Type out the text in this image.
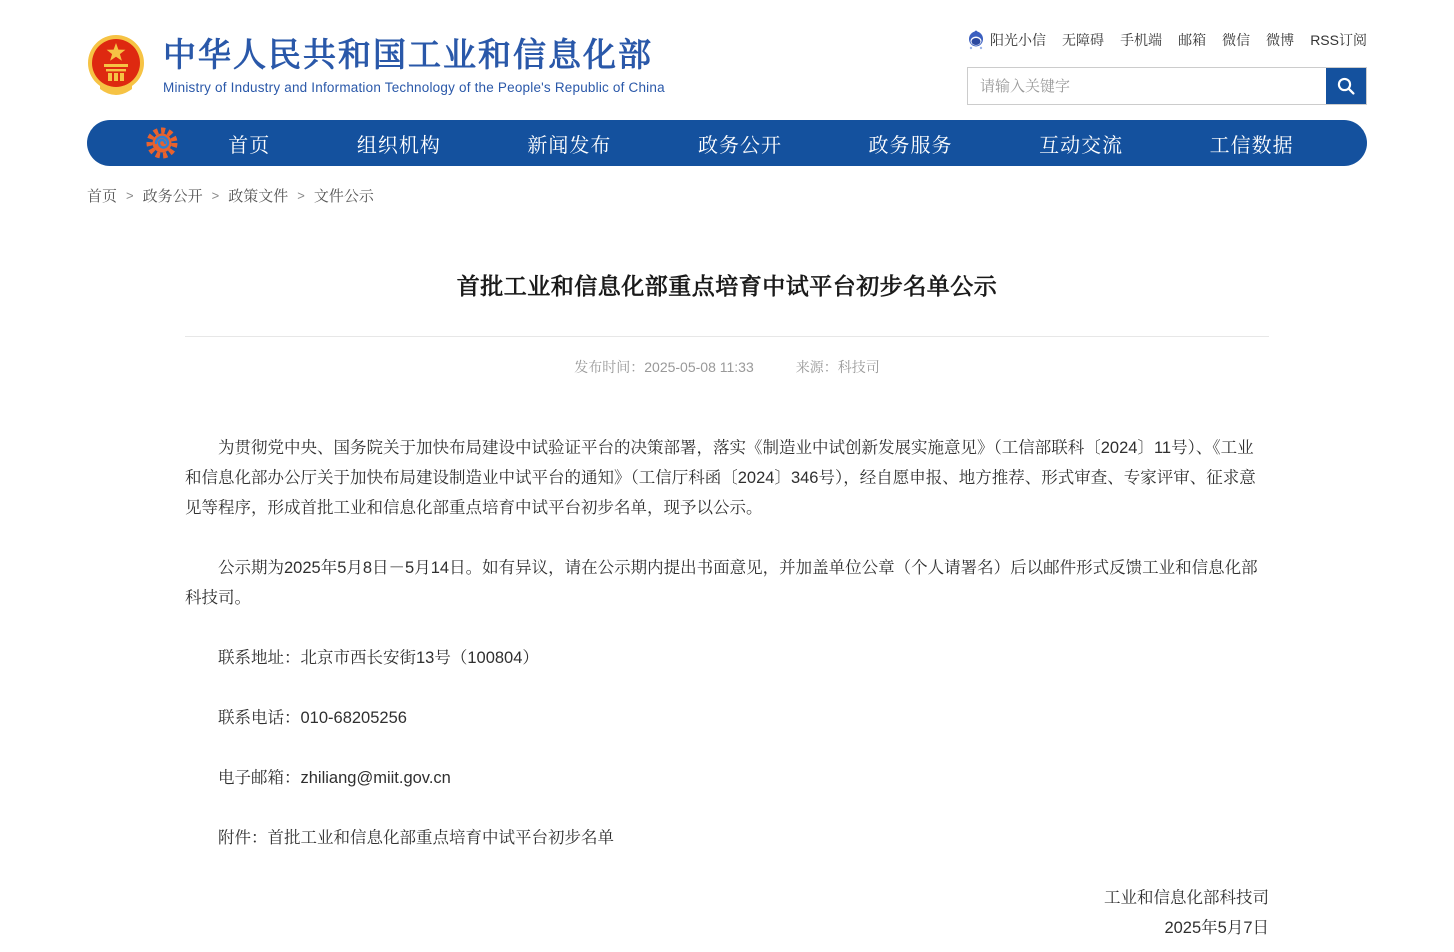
中华人民共和国工业和信息化部
Ministry of Industry and Information Technology of the People's Republic of China
阳光小信 无障碍 手机端 邮箱 微信 微博 RSS订阅
请输入关键字
首页	组织机构	新闻发布	政务公开	政务服务	互动交流	工信数据
首页 > 政务公开 > 政策文件 > 文件公示
首批工业和信息化部重点培育中试平台初步名单公示
发布时间：2025-05-08 11:33	来源：科技司

为贯彻党中央、国务院关于加快布局建设中试验证平台的决策部署，落实《制造业中试创新发展实施意见》（工信部联科〔2024〕11号）、《工业和信息化部办公厅关于加快布局建设制造业中试平台的通知》（工信厅科函〔2024〕346号），经自愿申报、地方推荐、形式审查、专家评审、征求意见等程序，形成首批工业和信息化部重点培育中试平台初步名单，现予以公示。

公示期为2025年5月8日－5月14日。如有异议，请在公示期内提出书面意见，并加盖单位公章（个人请署名）后以邮件形式反馈工业和信息化部科技司。

联系地址：北京市西长安街13号（100804）

联系电话：010-68205256

电子邮箱：zhiliang@miit.gov.cn

附件：首批工业和信息化部重点培育中试平台初步名单

工业和信息化部科技司
2025年5月7日
